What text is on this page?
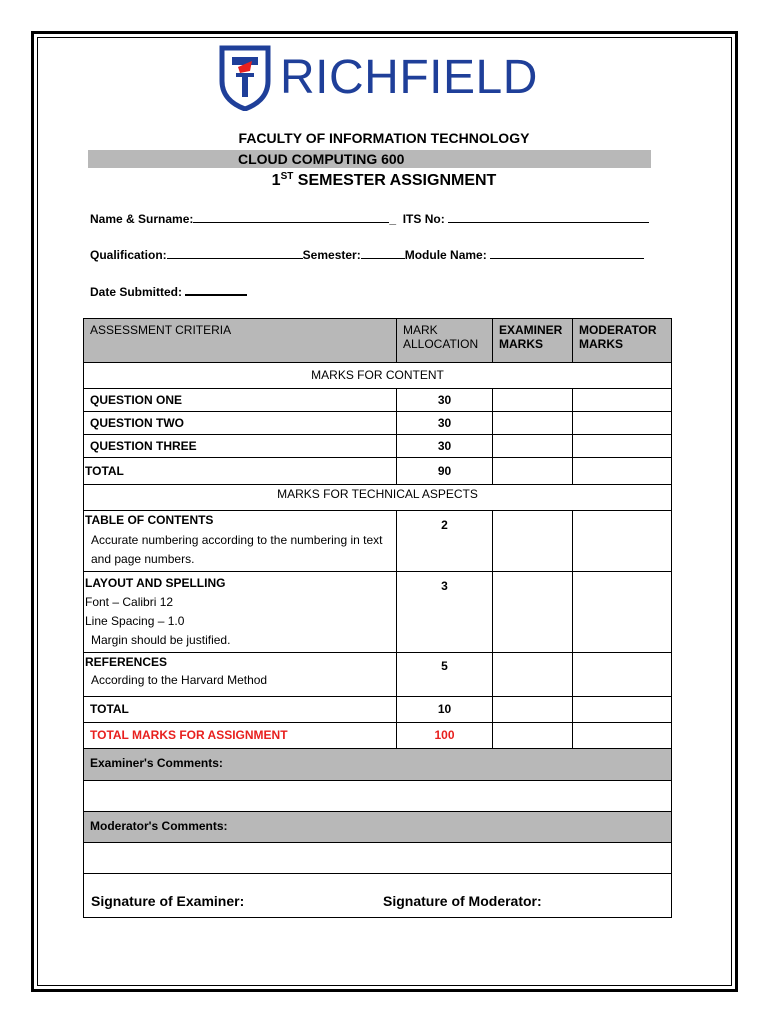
RICHFIELD
FACULTY OF INFORMATION TECHNOLOGY
CLOUD COMPUTING 600
1ST SEMESTER ASSIGNMENT
Name & Surname:	_  ITS No:
Qualification:	Semester:	Module Name:
Date Submitted:
ASSESSMENT CRITERIA	MARK ALLOCATION	EXAMINER MARKS	MODERATOR MARKS
MARKS FOR CONTENT			
QUESTION ONE	30		
QUESTION TWO	30		
QUESTION THREE	30		
TOTAL	90		
MARKS FOR TECHNICAL ASPECTS			

TABLE OF CONTENTS
Accurate numbering according to the numbering in text and page numbers.	2		

LAYOUT AND SPELLING
Font – Calibri 12
Line Spacing – 1.0
Margin should be justified.	3		

REFERENCES
According to the Harvard Method	5		
TOTAL	10		
TOTAL MARKS FOR ASSIGNMENT	100		
Examiner's Comments:			

Moderator's Comments:			

Signature of Examiner: Signature of Moderator:			
